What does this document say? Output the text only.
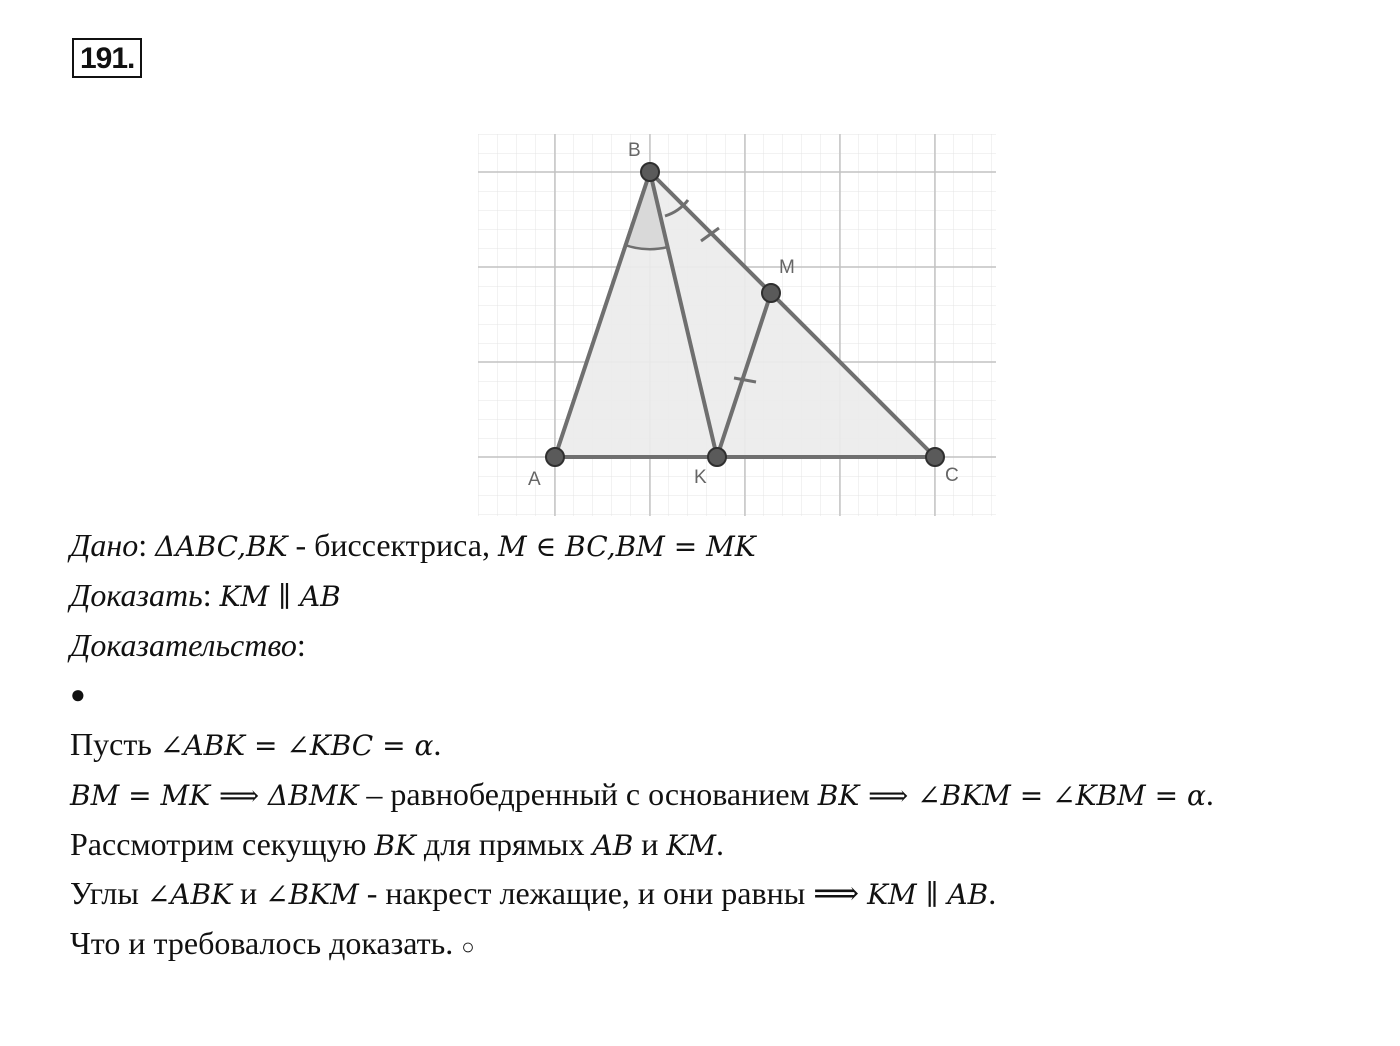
191.
A
B
C
K
M
Дано: ΔABC,BK - биссектриса, M ∈ BC,BM = MK
Доказать: KM ∥ AB
Доказательство:
●
Пусть ∠ABK = ∠KBC = α.
BM = MK ⟹ ΔBMK – равнобедренный с основанием BK ⟹ ∠BKM = ∠KBM = α.
Рассмотрим секущую BK для прямых AB и KM.
Углы ∠ABK и ∠BKM - накрест лежащие, и они равны ⟹ KM ∥ AB.
Что и требовалось доказать. ○
